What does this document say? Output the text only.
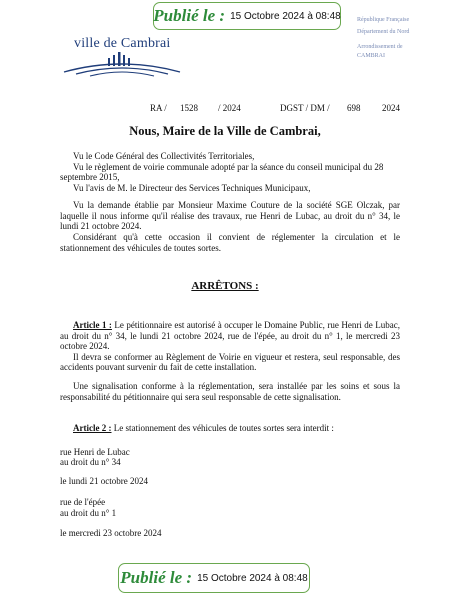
Publié le : 15 Octobre 2024 à 08:48
ville de Cambrai
République Française
Département du Nord
Arrondissement de
CAMBRAI
RA / 1528 / 2024	DGST / DM / 698 2024
Nous, Maire de la Ville de Cambrai,

Vu le Code Général des Collectivités Territoriales,

Vu le règlement de voirie communale adopté par la séance du conseil municipal du 28 septembre 2015,

Vu l'avis de M. le Directeur des Services Techniques Municipaux,

Vu la demande établie par Monsieur Maxime Couture de la société SGE Olczak, par laquelle il nous informe qu'il réalise des travaux, rue Henri de Lubac, au droit du n° 34, le lundi 21 octobre 2024.
Considérant qu'à cette occasion il convient de réglementer la circulation et le stationnement des véhicules de toutes sortes.
ARRÊTONS :

Article 1 : Le pétitionnaire est autorisé à occuper le Domaine Public, rue Henri de Lubac, au droit du n° 34, le lundi 21 octobre 2024, rue de l'épée, au droit du n° 1, le mercredi 23 octobre 2024.

Il devra se conformer au Règlement de Voirie en vigueur et restera, seul responsable, des accidents pouvant survenir du fait de cette installation.

Une signalisation conforme à la réglementation, sera installée par les soins et sous la responsabilité du pétitionnaire qui sera seul responsable de cette signalisation.

Article 2 : Le stationnement des véhicules de toutes sortes sera interdit :

rue Henri de Lubac
au droit du n° 34
le lundi 21 octobre 2024
rue de l'épée
au droit du n° 1
le mercredi 23 octobre 2024
Publié le : 15 Octobre 2024 à 08:48
